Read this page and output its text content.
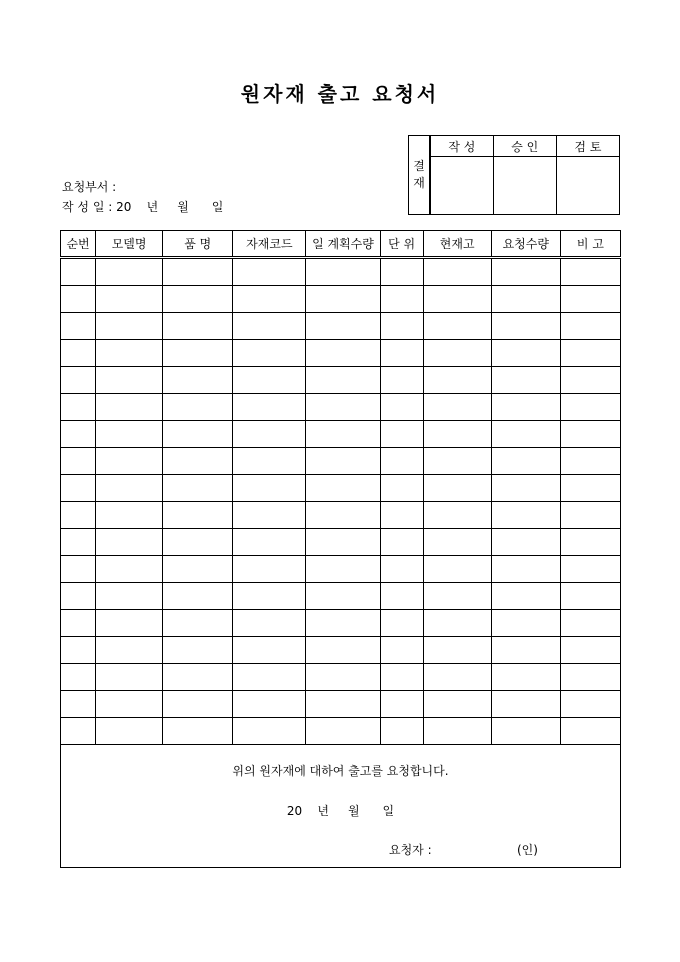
원자재 출고 요청서
요청부서 :
작 성 일 : 20    년     월      일
결
재	작 성	승 인	검 토

순번	모델명	품 명	자재코드	일 계획수량	단 위	현재고	요청수량	비 고

위의 원자재에 대하여 출고를 요청합니다.
20    년     월      일
요청자 :	(인)
